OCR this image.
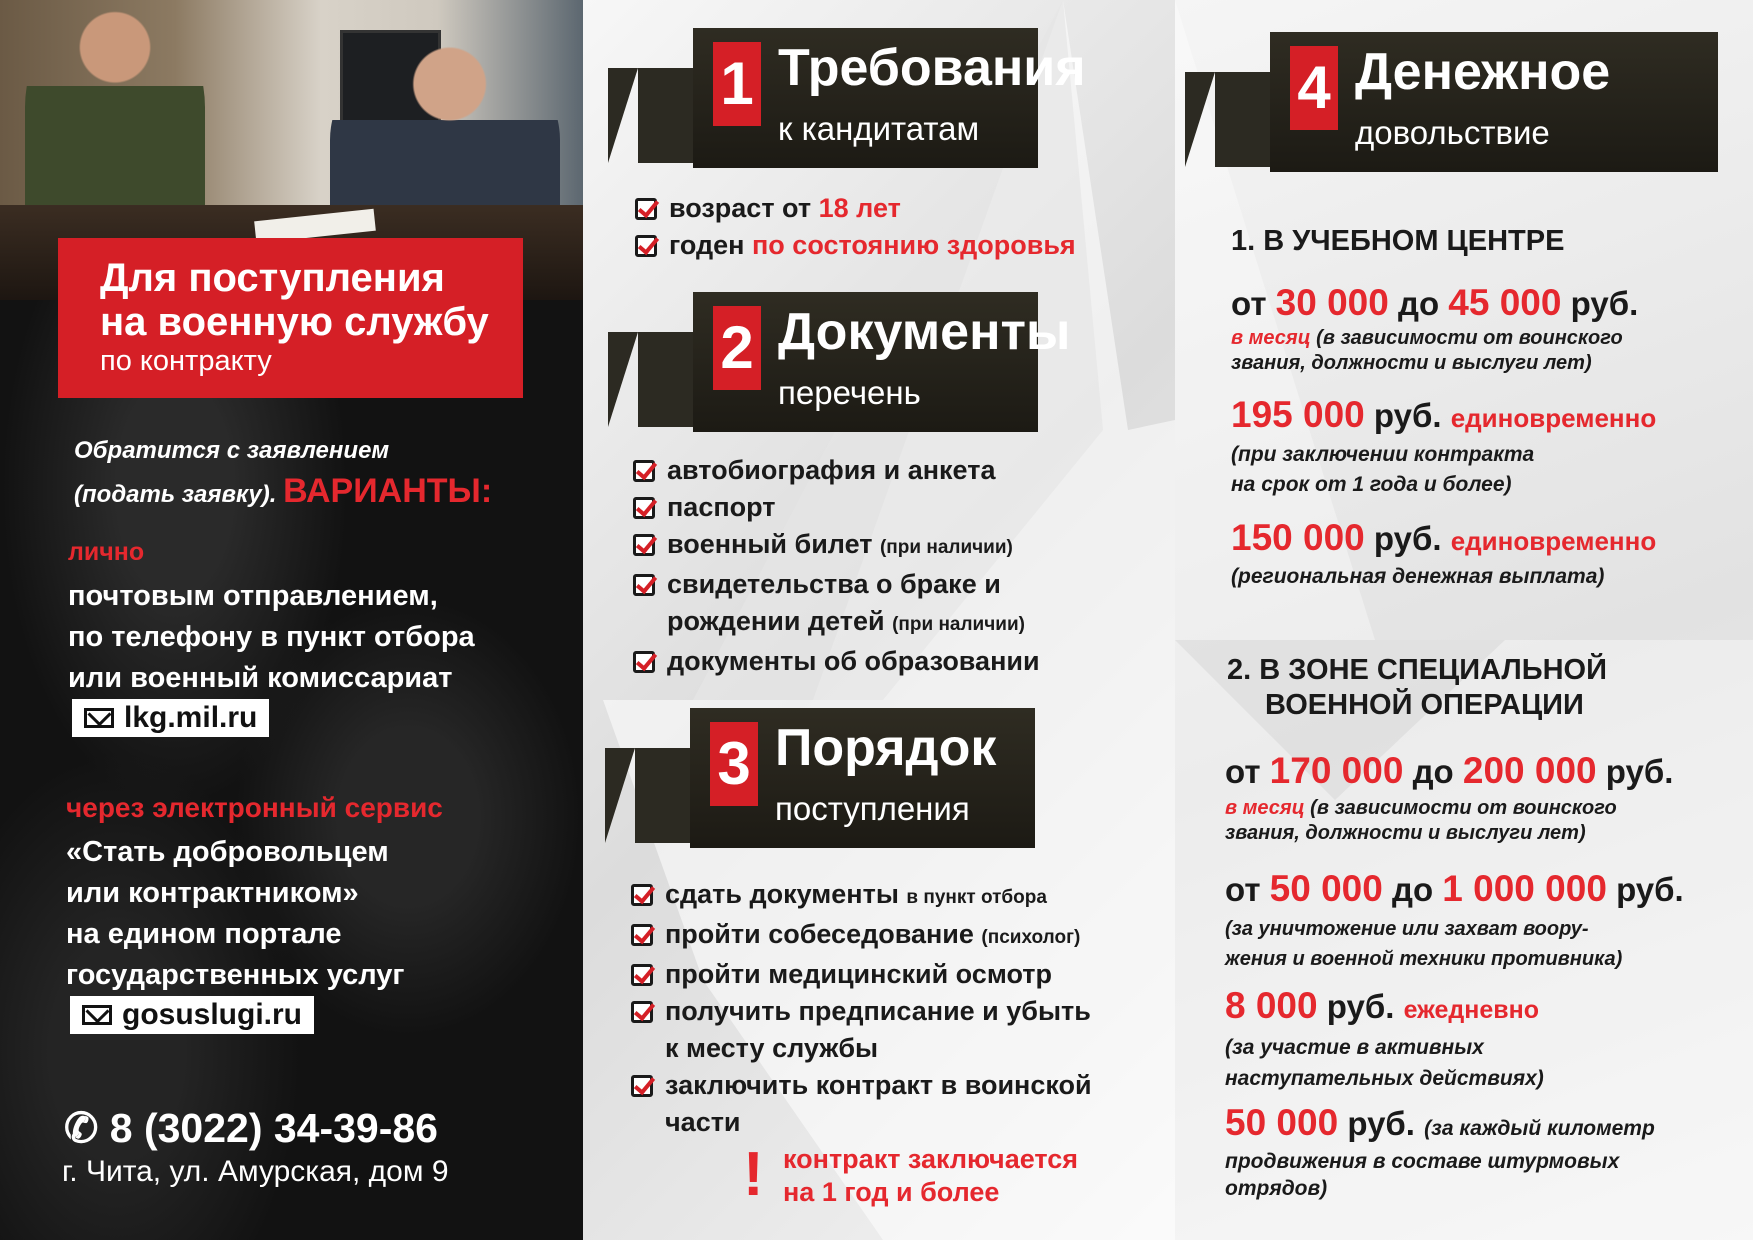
Для поступления
на военную службу
по контракту
Обратится с заявлением
(подать заявку). ВАРИАНТЫ:
лично
почтовым отправлением,
по телефону в пункт отбора
или военный комиссариат
lkg.mil.ru
через электронный сервис
«Стать добровольцем
или контрактником»
на едином портале
государственных услуг
gosuslugi.ru
✆ 8 (3022) 34-39-86
г. Чита, ул. Амурская, дом 9
1 Требования
к кандитатам
возраст от 18 лет
годен по состоянию здоровья
2 Документы
перечень
автобиография и анкета
паспорт
военный билет (при наличии)
свидетельства о браке и рождении детей (при наличии)
документы об образовании
3 Порядок
поступления
сдать документы в пункт отбора
пройти собеседование (психолог)
пройти медицинский осмотр
получить предписание и убыть к месту службы
заключить контракт в воинской части
! контракт заключается
на 1 год и более
4 Денежное
довольствие
1. В УЧЕБНОМ ЦЕНТРЕ
от 30 000 до 45 000 руб.
в месяц (в зависимости от воинского
звания, должности и выслуги лет)
195 000 руб. единовременно
(при заключении контракта
на срок от 1 года и более)
150 000 руб. единовременно
(региональная денежная выплата)
2. В ЗОНЕ СПЕЦИАЛЬНОЙ
ВОЕННОЙ ОПЕРАЦИИ
от 170 000 до 200 000 руб.
в месяц (в зависимости от воинского
звания, должности и выслуги лет)
от 50 000 до 1 000 000 руб.
(за уничтожение или захват воору-
жения и военной техники противника)
8 000 руб. ежедневно
(за участие в активных
наступательных действиях)
50 000 руб. (за каждый километр
продвижения в составе штурмовых
отрядов)
